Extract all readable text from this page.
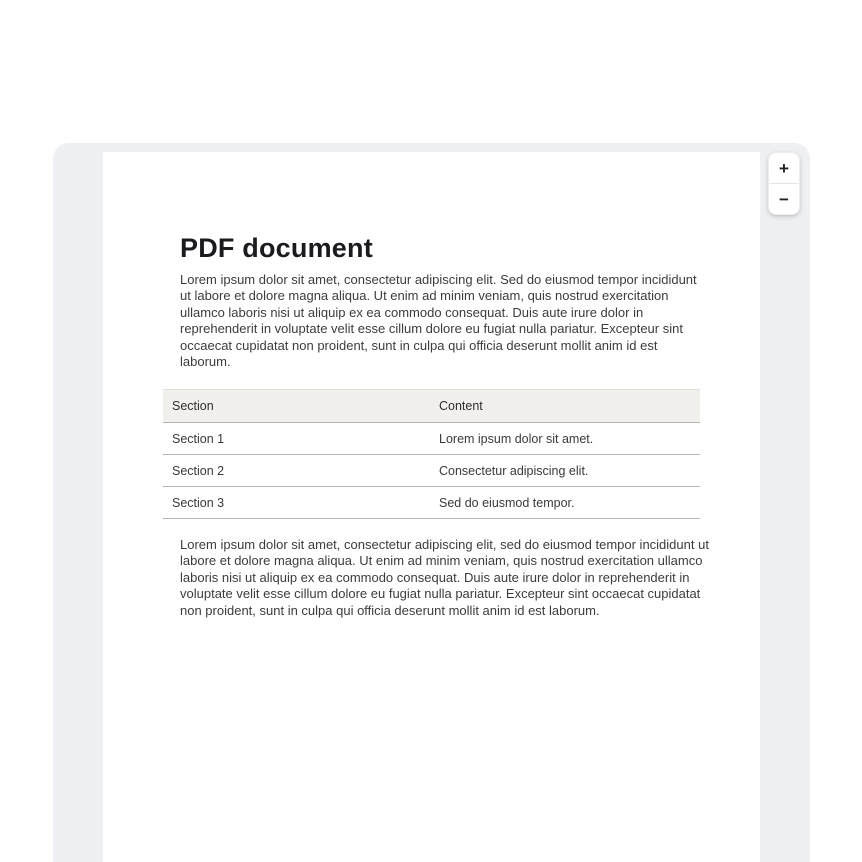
PDF document

Lorem ipsum dolor sit amet, consectetur adipiscing elit. Sed do eiusmod tempor incididunt ut labore et dolore magna aliqua. Ut enim ad minim veniam, quis nostrud exercitation ullamco laboris nisi ut aliquip ex ea commodo consequat. Duis aute irure dolor in reprehenderit in voluptate velit esse cillum dolore eu fugiat nulla pariatur. Excepteur sint occaecat cupidatat non proident, sunt in culpa qui officia deserunt mollit anim id est laborum.

Section	Content
Section 1	Lorem ipsum dolor sit amet.
Section 2	Consectetur adipiscing elit.
Section 3	Sed do eiusmod tempor.

Lorem ipsum dolor sit amet, consectetur adipiscing elit, sed do eiusmod tempor incididunt ut labore et dolore magna aliqua. Ut enim ad minim veniam, quis nostrud exercitation ullamco laboris nisi ut aliquip ex ea commodo consequat. Duis aute irure dolor in reprehenderit in voluptate velit esse cillum dolore eu fugiat nulla pariatur. Excepteur sint occaecat cupidatat non proident, sunt in culpa qui officia deserunt mollit anim id est laborum.

+
−
